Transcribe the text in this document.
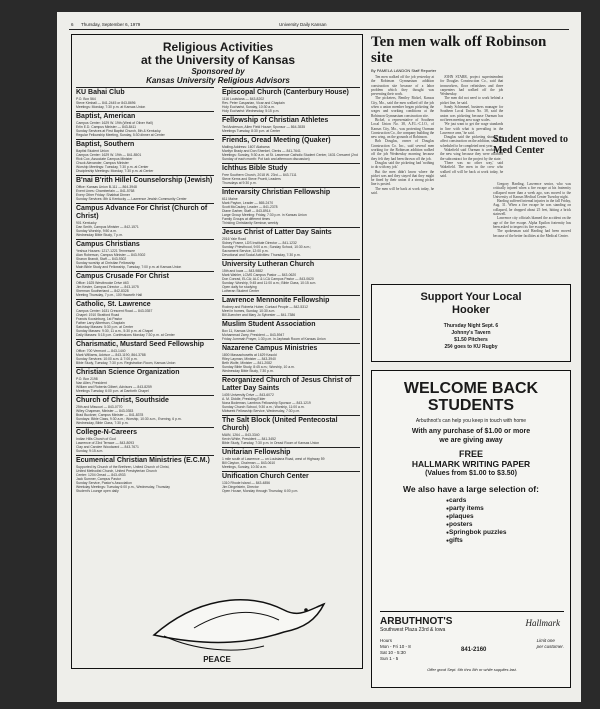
6 Thursday, September 6, 1979	University Daily Kansan
Religious Activities
at the University of Kansas
Sponsored by
Kansas University Religious Advisors
KU Bahai Club
P.O. Box 564
Steve Kimball — 841-2445 or 843-8696
Meetings: Monday, 7:30 p.m. at Kansas Union
Baptist, American
Campus Center: 1629 W. 19th (West of Oliver Hall)
Erlin E.D. Campus Minister — 843-8411
Sunday Services at First Baptist Church, 8th & Kentucky.
Regular Fellowship Meeting, Sunday, 5:30 dinner at Center
Baptist, Southern
Baptist Student Union
Campus Center: 1629 W. 19th — 841-8501
Rick Cox, Associate Campus Minister
Chuck Alexander, Campus Minister
Worship Meetings: Tuesday, 7:30 p.m. at Center
Discipleship Meetings: Monday, 7:30 p.m. at Center
B'nai B'rith Hillel Counselorship (Jewish)
Office: Kansas Union B-111 — 864-3948
Event Lines: Chamberlain — 841-5768
Every Other Friday: Shabbat Dinner
Sunday Services: 8th & Kentucky — Lawrence Jewish Community Center
Campus Advance For Christ (Church of Christ)
901 Kentucky
Dan Smith, Campus Minister — 842-1571
Sunday Worship, 9:50 a.m.
Wednesday Bible Study, 7 p.m.
Campus Christians
Yeshua Houses: 1217-1221 Tennessee
Alan Roberson, Campus Minister — 843-9302
Sharon Brandt, Staff — 843-9302
Sunday worship at Christian Fellowship
Main Bible Study and Fellowship, Tuesday, 7:00 p.m. at Kansas Union
Campus Crusade For Christ
Office: 1625 Westbrooke Drive #63
Jim Kester, Campus Director — 843-1075
Sherman Southerland — 842-8328
Meeting Thursday, 7 p.m., 100 Haworth Hall
Catholic, St. Lawrence
Campus Center: 1631 Crescent Road — 843-0357
Chapel: 1910 Stratford Road
Francis Kocsinburg, 1st Pastor
Father Larry Albertson, Chaplain
Saturday Masses: 5:30 p.m. at Center
Sunday Masses: 9:30, 11 a.m., 5:30 p.m. at Chapel
Daily Masses: 5:15 p.m. Confessions Monday 7:30 p.m. at Center
Charismatic, Mustard Seed Fellowship
Office: 700 Vermont — 843-1440
Mark Williams, Advisor — 843-1190, 864-3788
Sunday Services: 10:00 a.m. & 7:00 p.m.
Bible Study, Tuesday, 7:30 p.m. Registration Room, Kansas Union
Christian Science Organization
P.O. Box 2198
Nan Allen, President
William and Roberta Gilbert, Advisors — 843-8259
Meetings Tuesday, 6:00 p.m. at Danforth Chapel
Church of Christ, Southside
25th and Missouri — 843-0770
Wiley Chapman, Minister — 843-0353
Brad Buckner, Campus Minister — 841-8378
Sundays: Bible Class, 9:30 a.m.; Worship, 10:30 a.m., Evening, 6 p.m.
Wednesday, Bible Class, 7:30 p.m.
College-N-Careers
Indian Hills Church of God
Lawrence of 23rd Terrace — 843-8093
Clay and Carolee Woodward — 843-7671
Sunday, 9:15 a.m.
Ecumenical Christian Ministries (E.C.M.)
Supported by Church of the Brethren, United Church of Christ,
United Methodist Church, United Presbyterian Church
Center: 1204 Oread — 843-4933
Jack Sumner, Campus Pastor
Sunday Service, Pastor's Association
Weekday Meetings: Tuesday 6:00 p.m., Wednesday, Thursday
Student's Lounge open daily
Episcopal Church (Canterbury House)
1116 Louisiana — 843-8202
Rev. Peter Casparian, Vicar and Chaplain
Holy Eucharist, Sunday, 10:30 a.m.
Holy Eucharist: Wednesday, 5:15 p.m.
Fellowship of Christian Athletes
Ted Anderson, Allen Field House; Sponsor — 864-3535
Meetings Tuesday, 8:30 p.m. at Center
Friends, Oread Meeting (Quaker)
Mailing Address: 1607 Alabama
Marilyn Brady and Don Shenkel, Clerks — 841-7641
Meetings: Sunday, 9:30 a.m. at St. Lawrence Catholic Student Center, 1631 Crescent (2nd Sunday of each month: Pot luck and afternoon discussion)
Ichthus Bible Study
Free Southern Church, 2018 W. 23rd — 843-7111
Steve Kerns and Steve Pruett, Leaders
Thursdays at 9:30 p.m.
Intervarsity Christian Fellowship
611 Maine
Mark Payton, Leader — 865-2470
Scott McCauley, Leader — 841-2378
Diane Garber, Staff — 843-8914
Large Group Meeting: Friday, 7:30 p.m. in Kansas Union
Family Groups at different times
Thinking Christianity Seminar, weekly
Jesus Christ of Latter Day Saints
2016 Yale Road
Sidney Frame, LDS Institute Director — 841-1232
Sunday: Priesthood, 9:00 a.m.; Sunday School, 10:30 a.m.;
Sacrament Service, 12:00 p.m.
Devotional and Social Activities: Thursday, 7:30 p.m.
University Lutheran Church
15th and Iowa — 843-9882
Mark Wahler, LCMS Campus Pastor — 843-0620
Don Conrad, ELCA; ALC & LCA Campus Pastor — 843-0620
Sunday: Worship, 9:45 and 11:00 a.m.; Bible Class, 10:15 a.m.
Open daily for studying
Lutheran Student Center
Lawrence Mennonite Fellowship
Rodney and Roberta Huber, Contact People — 842-5312
Meet in homes, Sunday, 10:30 a.m.
Bill Zuercher and Mary Jo Sylvester — 841-7386
Muslim Student Association
Box 11, Kansas Union
Mohammad Zarry, President — 843-5947
Friday Jummah Prayer, 1:30 p.m. in Jayhawk Room of Kansas Union
Nazarene Campus Ministries
1800 Massachusetts at 1629 Kasold
Riley Layman, Minister — 843-3940
Beth Wolfe, Minister — 841-2082
Sunday Bible Study, 8:45 a.m.; Worship, 10 a.m.
Wednesday Bible Study, 7:30 p.m.
Reorganized Church of Jesus Christ of Latter Day Saints
1405 University Drive — 843-6072
A. M. Diddle, Presiding Elder
Nona Bodeman, Lambros Fellowship Sponsor — 843-1219
Sunday Church School, 9:30 a.m.; Worship, 11:00 a.m.
Midweek Fellowship Service, Wednesday, 7:30 p.m.
The Salt Block (United Pentecostal Church)
MAIN, 1264 — 843-3340
Kevin White, President — 841-3452
Bible Study, Tuesday, 7:30 p.m. in Oread Room of Kansas Union
Unitarian Fellowship
1 mile south of Lawrence — on Louisiana Road, west of Highway 59
Bill Clayton, Chairman — 843-0610
Meetings, Sunday, 10:30 a.m.
Unification Church Center
1310 Rhode Island — 843-4856
Jim Dingelstein, Director
Open House, Monday through Thursday, 6:00 p.m.
PEACE
Ten men walk off Robinson site
By PAMELA LANDON Staff Reporter

Ten men walked off the job yesterday at the Robinson Gymnasium addition construction site because of a labor problem which they thought was preventing their work.

The picketers, Bentley Bickel, Kansas City, Mo., said the men walked off the job when a union member began picketing the wages and working conditions at the Robinson Gymnasium construction site.

Bickel, a representative of Southern Local Union No. 38, A.F.L.-C.I.O., of Kansas City, Mo., was protesting Ourman Construction Co., the company building the new wing, on the grounds of Robinson.

Bob Douglas, owner of Douglas Construction Co. Inc., said several men working for the Robinson addition walked off the job Wednesday morning because they felt they had been thrown off the job.

Douglas said the picketing had 'nothing to do with my job.'

But the men didn't know where the picket was and they stayed that they might be fined by their union if a strong picket line is posted.

The men will be back at work today, he said.

JOHN STARR, project superintendent for Douglas Construction Co., said that ironworkers, floor refinishers and three carpenters had walked off the job Wednesday.

The men did not need to work behind a picket line, he said.

Sandy Schimmel, business manager for Southern Local Union No. 38, said the union was picketing because Ourman has not been meeting area wage scales.

'We just want to get the wage standards in line with what is prevailing in the Lawrence area,' he said.

Douglas said the picketing should not affect construction on the addition, which is scheduled to be completed next year.

Wakefield said Ourman is working on the new wing because they were awarded the subcontract for the project by the state.

'There was no other way,' said Wakefield. The men in the crew who walked off will be back at work today, he said.

Student moved to Med Center

Gregory Harding, Lawrence senior, who was critically injured when a fire escape at his fraternity collapsed more than a week ago, was moved to the University of Kansas Medical Center Tuesday night.

Harding suffered internal injuries in the fall Friday, Aug. 31. When a fire escape he was standing on collapsed, he dropped about 25 feet, hitting a brick stairwell.

Lawrence city officials blamed the accident on the age of the fire escape. Alpha Epsilon fraternity has been asked to inspect its fire escapes.

The spokesman said Harding had been moved because of the better facilities at the Medical Center.

Support Your Local
Hooker
Thursday Night Sept. 6
Johnny's Tavern
$1.50 Pitchers
25¢ goes to KU Rugby
WELCOME BACK
STUDENTS
Arbuthnot's can help you keep in touch with home
With any purchase of $1.00 or more
we are giving away
FREE
HALLMARK WRITING PAPER
(Values from $1.00 to $3.50)
We also have a large selection of:
● cards
● party items
● plaques
● posters
● Springbok puzzles
● gifts
ARBUTHNOT'S	Hallmark
Southwest Plaza 23rd & Iowa
Hours
Mon - Fri 10 - 8
Sat 10 - 5:30
Sun 1 - 5
841-2160
Limit one
per customer.
Offer good Sept. 6th thru 8th or while supplies last.
